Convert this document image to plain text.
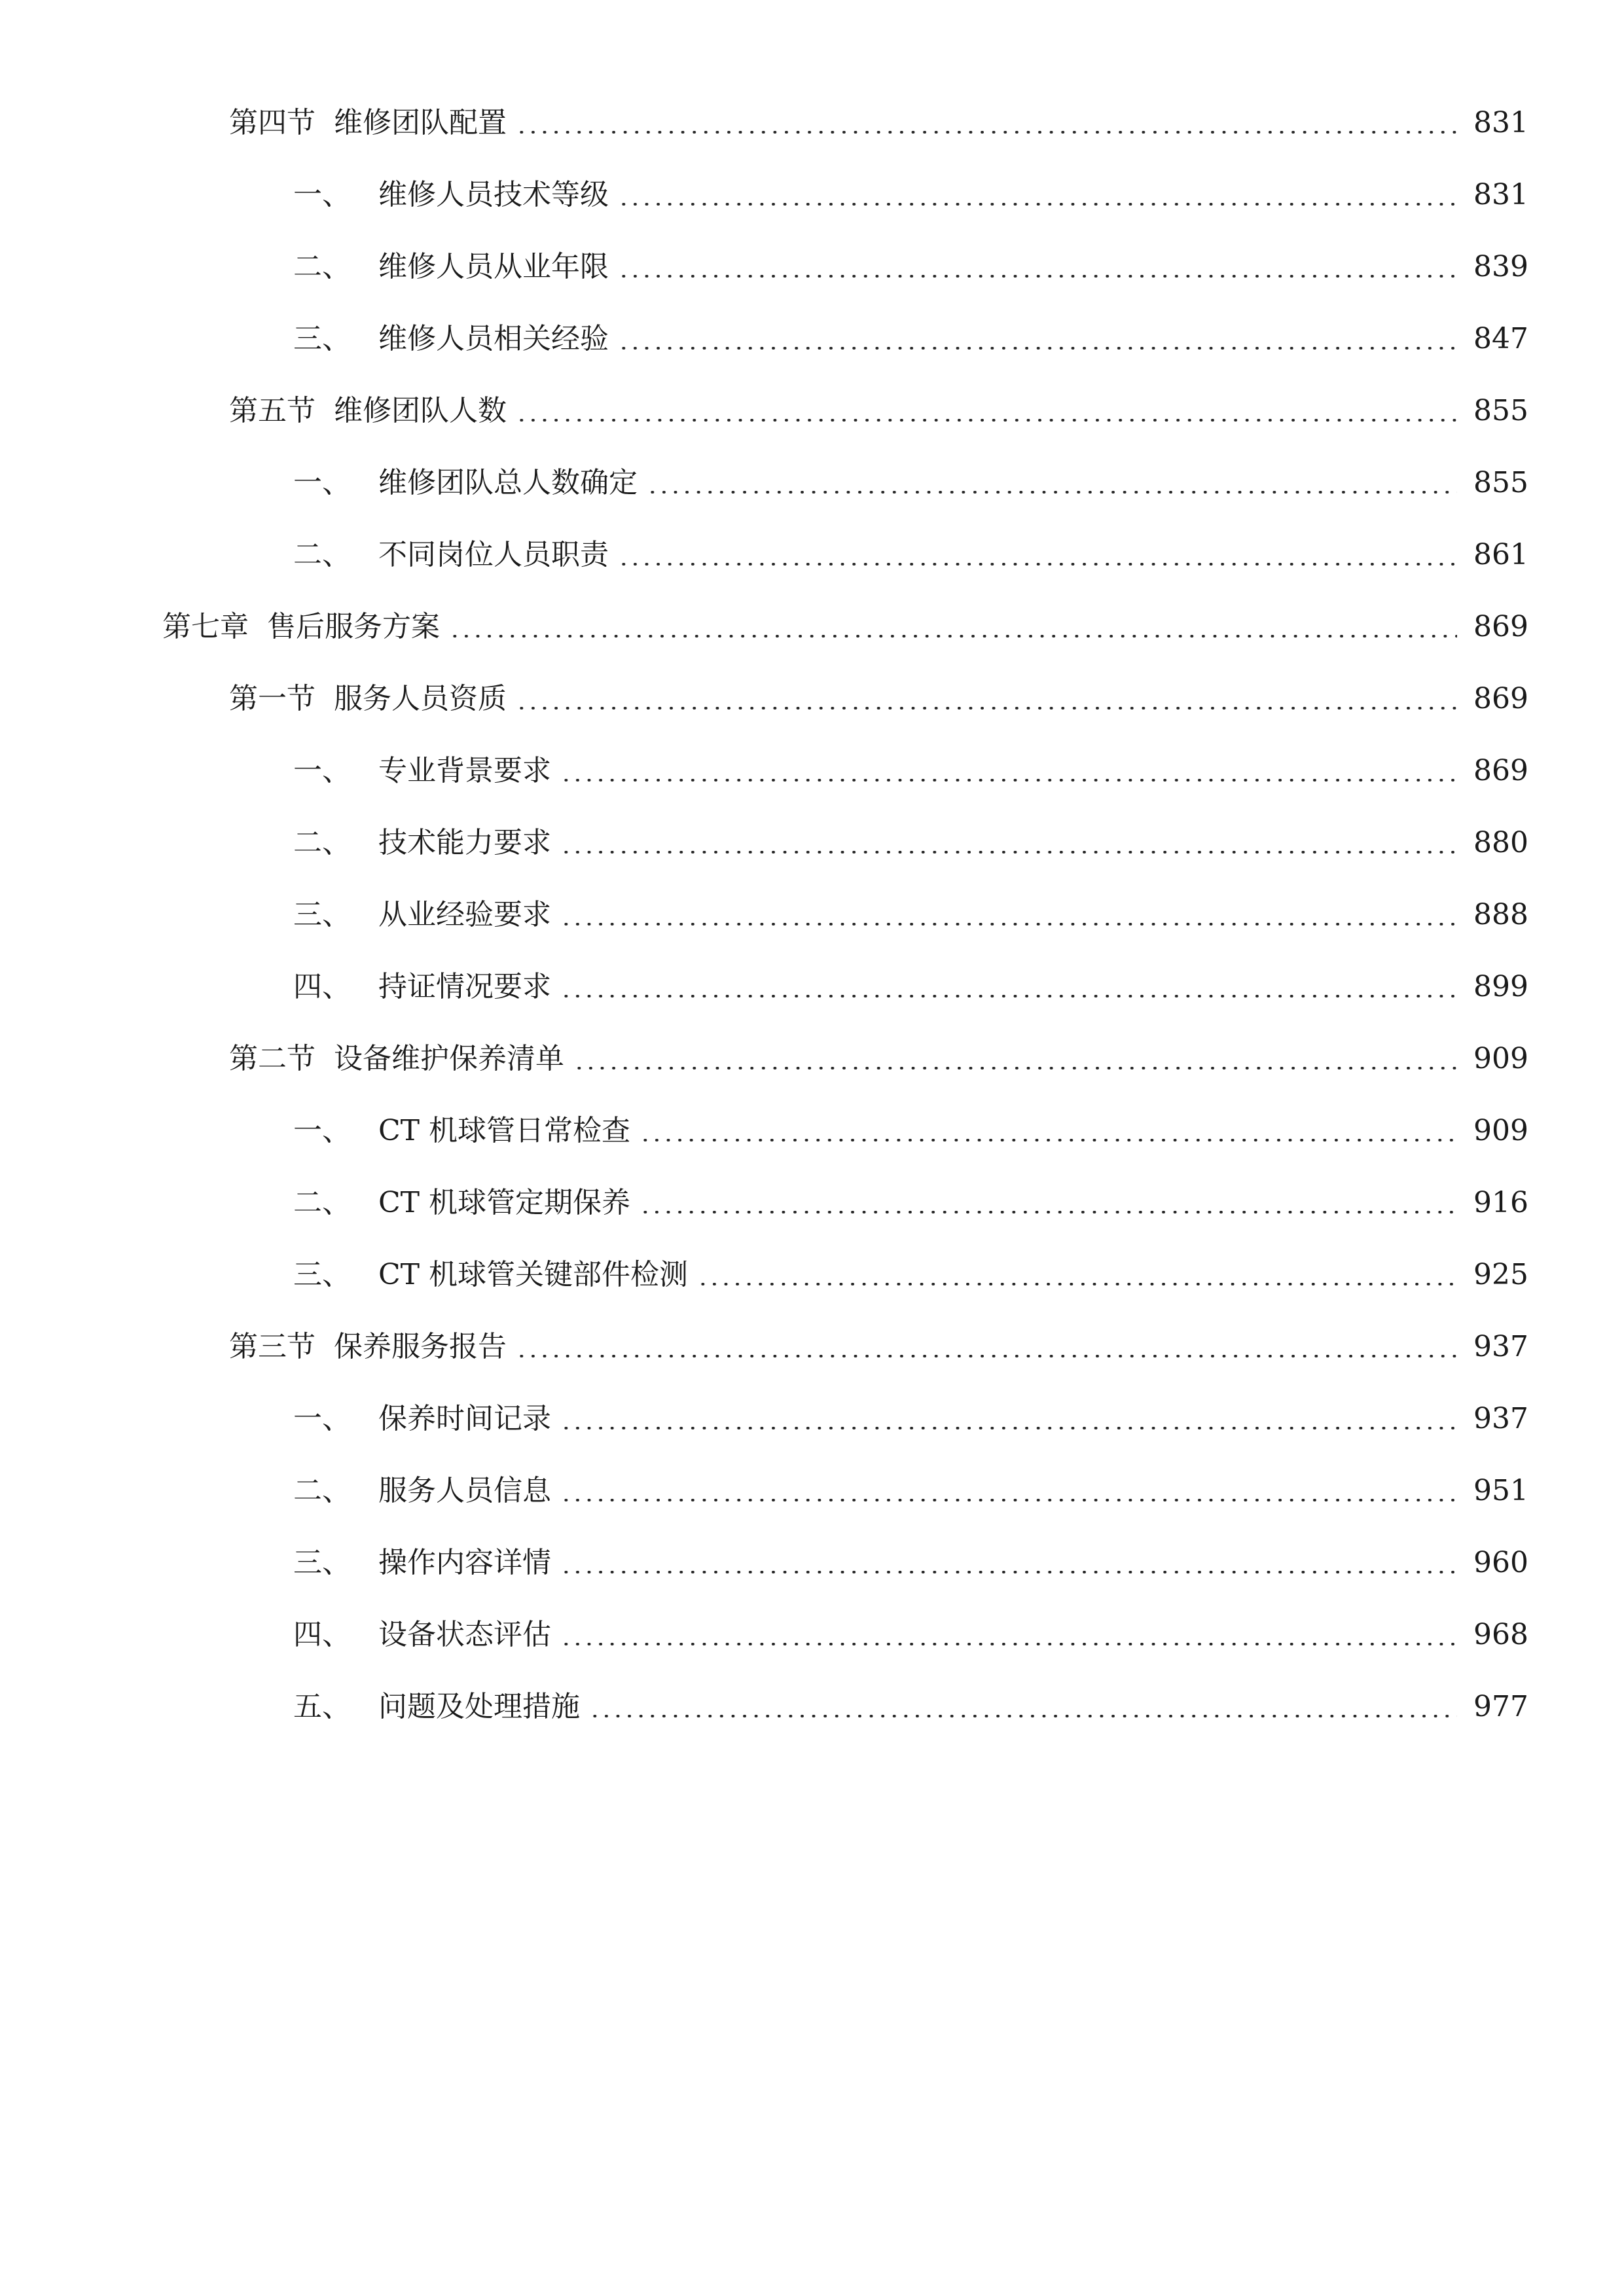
第四节 维修团队配置	831
一、 维修人员技术等级	831
二、 维修人员从业年限	839
三、 维修人员相关经验	847
第五节 维修团队人数	855
一、 维修团队总人数确定	855
二、 不同岗位人员职责	861
第七章 售后服务方案	869
第一节 服务人员资质	869
一、 专业背景要求	869
二、 技术能力要求	880
三、 从业经验要求	888
四、 持证情况要求	899
第二节 设备维护保养清单	909
一、 CT 机球管日常检查	909
二、 CT 机球管定期保养	916
三、 CT 机球管关键部件检测	925
第三节 保养服务报告	937
一、 保养时间记录	937
二、 服务人员信息	951
三、 操作内容详情	960
四、 设备状态评估	968
五、 问题及处理措施	977
